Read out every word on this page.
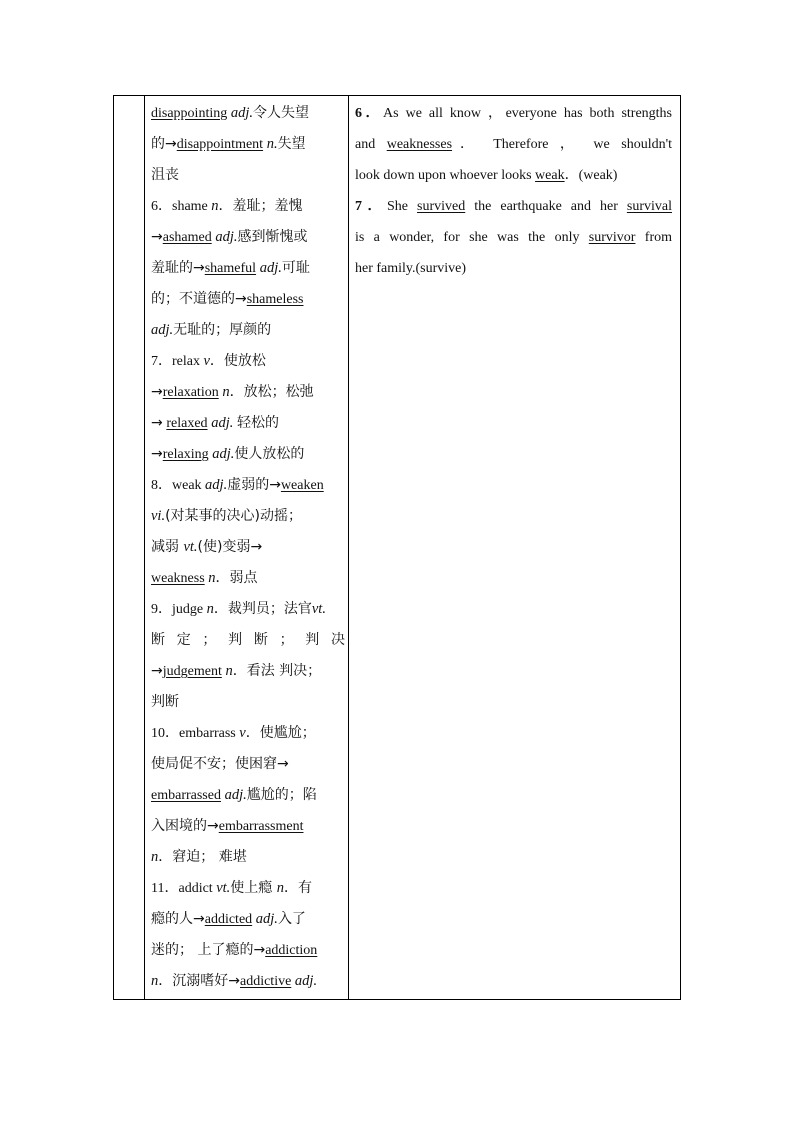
disappointing adj.令人失望
的→disappointment n.失望
沮丧
6．shame n．羞耻；羞愧
→ashamed adj.感到惭愧或
羞耻的→shameful adj.可耻
的；不道德的→shameless
adj.无耻的；厚颜的
7．relax v．使放松
→relaxation n．放松；松弛
→ relaxed adj. 轻松的
→relaxing adj.使人放松的
8．weak adj.虚弱的→weaken
vi.(对某事的决心)动摇；
减弱 vt.(使)变弱→
weakness n．弱点
9．judge n．裁判员；法官vt.
断定；判断；判决
→judgement n．看法 判决；
判断
10．embarrass v．使尴尬；
使局促不安；使困窘→
embarrassed adj.尴尬的；陷
入困境的→embarrassment
n．窘迫； 难堪
11．addict vt.使上瘾 n．有
瘾的人→addicted adj.入了
迷的； 上了瘾的→addiction
n．沉溺嗜好→addictive adj.
6．As we all know ，everyone has both strengths
and weaknesses． Therefore ， we shouldn't
look down upon whoever looks weak．(weak)
7．She survived the earthquake and her survival
is a wonder, for she was the only survivor from
her family.(survive)
